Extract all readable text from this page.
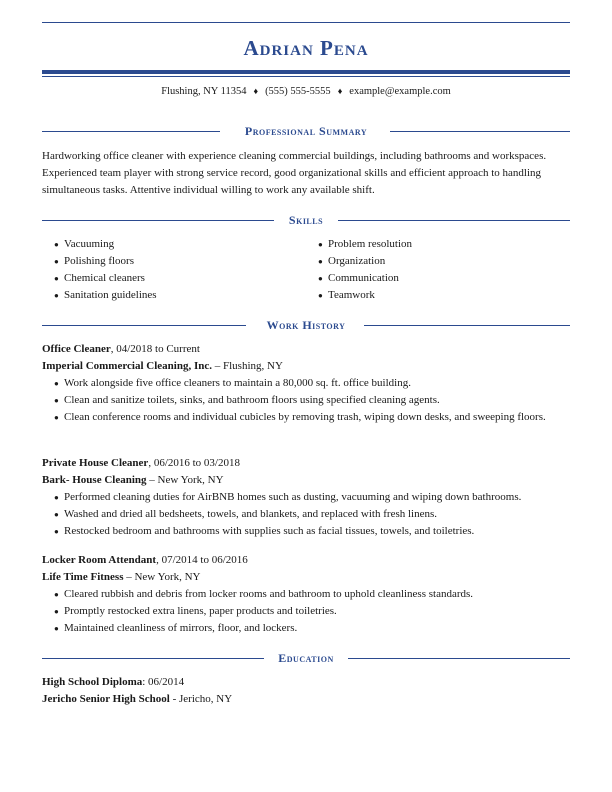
Adrian Pena
Flushing, NY 11354 ♦ (555) 555-5555 ♦ example@example.com
Professional Summary
Hardworking office cleaner with experience cleaning commercial buildings, including bathrooms and workspaces. Experienced team player with strong service record, good organizational skills and efficient approach to handling simultaneous tasks. Attentive individual willing to work any available shift.
Skills
● Vacuuming
● Polishing floors
● Chemical cleaners
● Sanitation guidelines
● Problem resolution
● Organization
● Communication
● Teamwork
Work History
Office Cleaner, 04/2018 to Current
Imperial Commercial Cleaning, Inc. – Flushing, NY
● Work alongside five office cleaners to maintain a 80,000 sq. ft. office building.
● Clean and sanitize toilets, sinks, and bathroom floors using specified cleaning agents.
● Clean conference rooms and individual cubicles by removing trash, wiping down desks, and sweeping floors.
Private House Cleaner, 06/2016 to 03/2018
Bark- House Cleaning – New York, NY
● Performed cleaning duties for AirBNB homes such as dusting, vacuuming and wiping down bathrooms.
● Washed and dried all bedsheets, towels, and blankets, and replaced with fresh linens.
● Restocked bedroom and bathrooms with supplies such as facial tissues, towels, and toiletries.
Locker Room Attendant, 07/2014 to 06/2016
Life Time Fitness – New York, NY
● Cleared rubbish and debris from locker rooms and bathroom to uphold cleanliness standards.
● Promptly restocked extra linens, paper products and toiletries.
● Maintained cleanliness of mirrors, floor, and lockers.
Education
High School Diploma: 06/2014
Jericho Senior High School - Jericho, NY
